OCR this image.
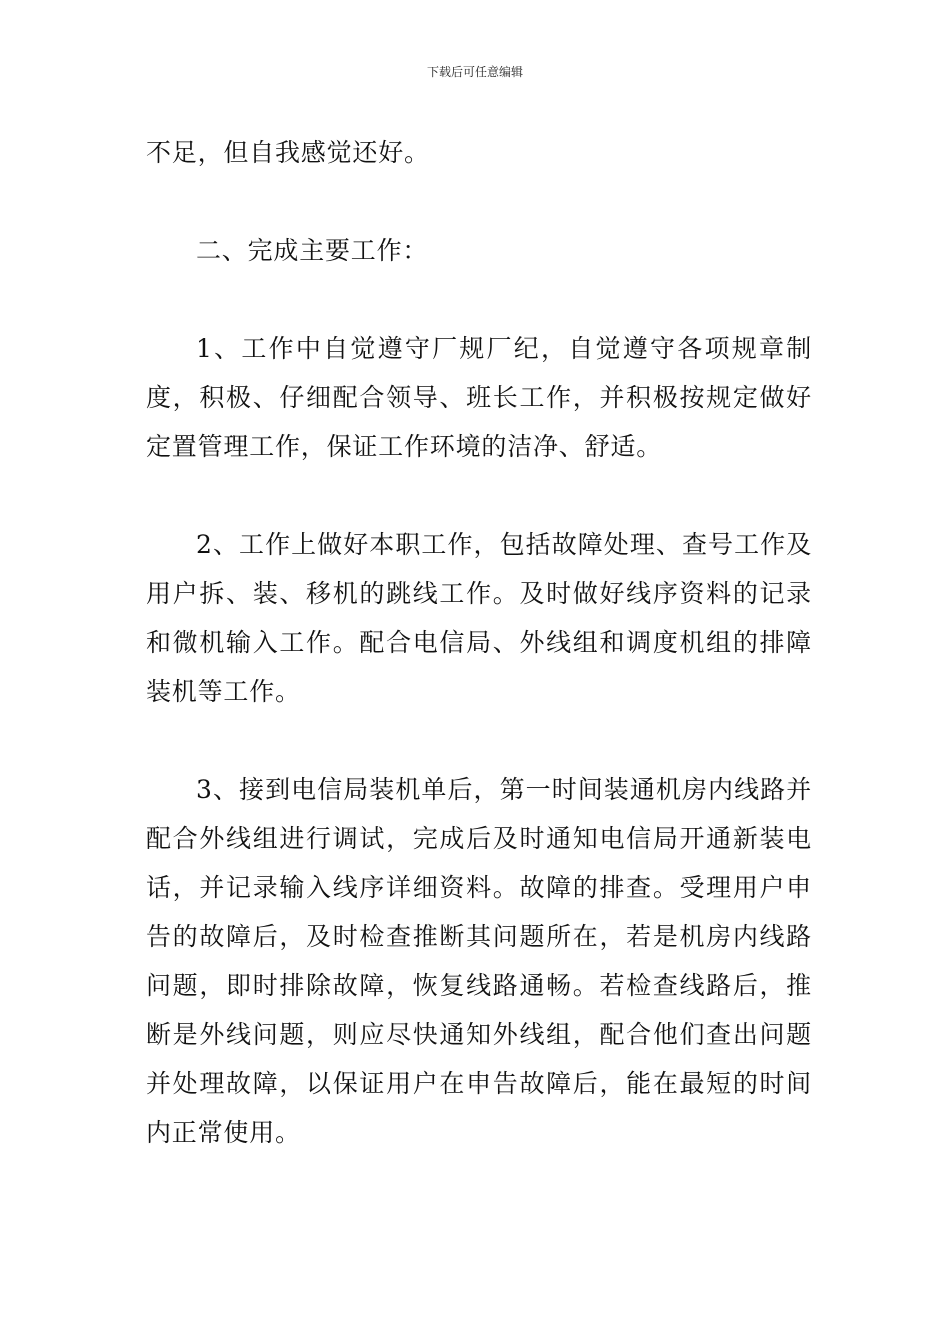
下载后可任意编辑

不足，但自我感觉还好。

二、完成主要工作：

1、工作中自觉遵守厂规厂纪，自觉遵守各项规章制度，积极、仔细配合领导、班长工作，并积极按规定做好定置管理工作，保证工作环境的洁净、舒适。

2、工作上做好本职工作，包括故障处理、查号工作及用户拆、装、移机的跳线工作。及时做好线序资料的记录和微机输入工作。配合电信局、外线组和调度机组的排障装机等工作。

3、接到电信局装机单后，第一时间装通机房内线路并配合外线组进行调试，完成后及时通知电信局开通新装电话，并记录输入线序详细资料。故障的排查。受理用户申告的故障后，及时检查推断其问题所在，若是机房内线路问题，即时排除故障，恢复线路通畅。若检查线路后，推断是外线问题，则应尽快通知外线组，配合他们查出问题并处理故障，以保证用户在申告故障后，能在最短的时间内正常使用。
